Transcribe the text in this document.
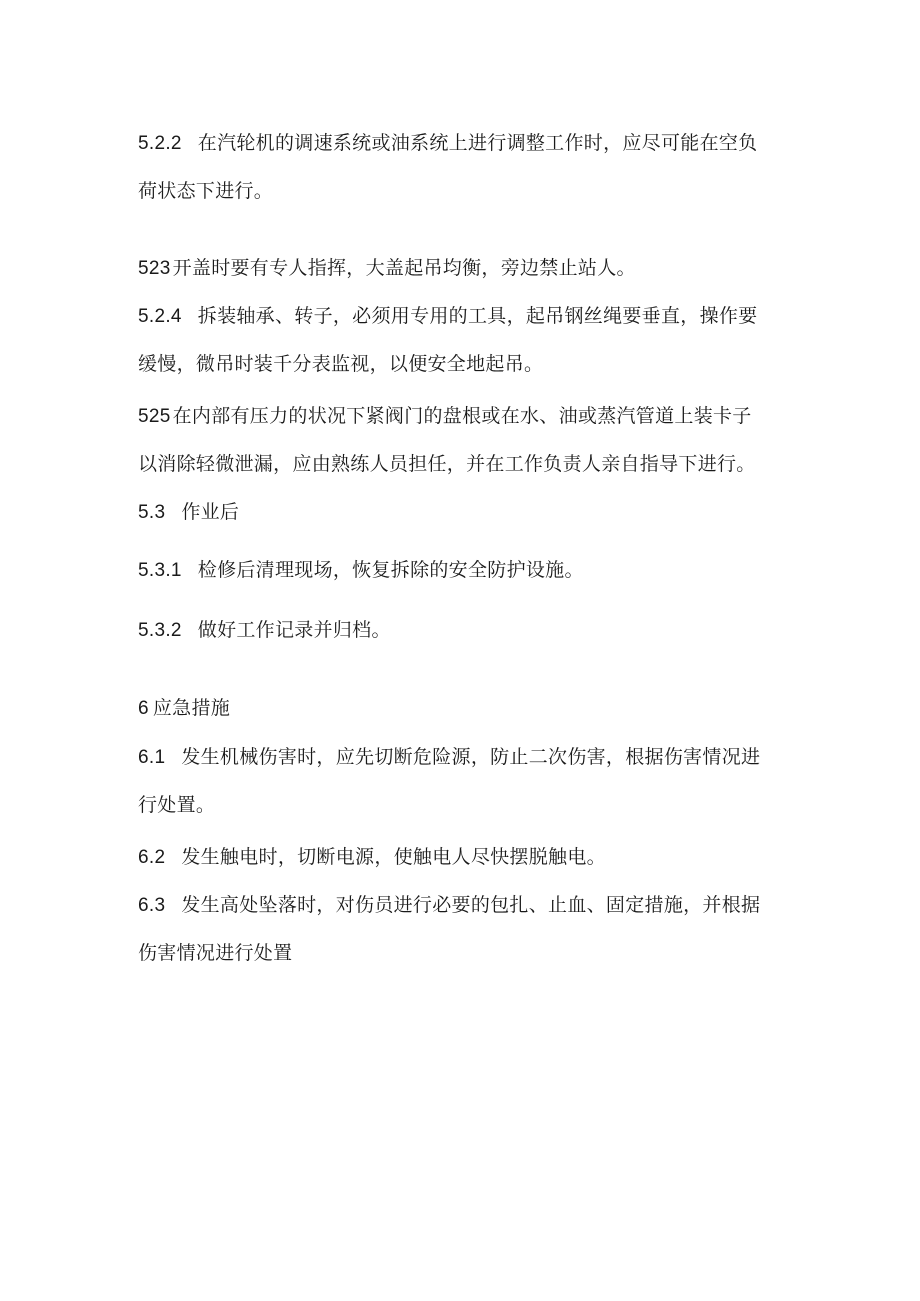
5.2.2 在汽轮机的调速系统或油系统上进行调整工作时，应尽可能在空负
荷状态下进行。
523 开盖时要有专人指挥，大盖起吊均衡，旁边禁止站人。
5.2.4 拆装轴承、转子，必须用专用的工具，起吊钢丝绳要垂直，操作要
缓慢，微吊时装千分表监视，以便安全地起吊。
525 在内部有压力的状况下紧阀门的盘根或在水、油或蒸汽管道上装卡子
以消除轻微泄漏，应由熟练人员担任，并在工作负责人亲自指导下进行。
5.3 作业后
5.3.1 检修后清理现场，恢复拆除的安全防护设施。
5.3.2 做好工作记录并归档。
6 应急措施
6.1 发生机械伤害时，应先切断危险源，防止二次伤害，根据伤害情况进
行处置。
6.2 发生触电时，切断电源，使触电人尽快摆脱触电。
6.3 发生高处坠落时，对伤员进行必要的包扎、止血、固定措施，并根据
伤害情况进行处置
